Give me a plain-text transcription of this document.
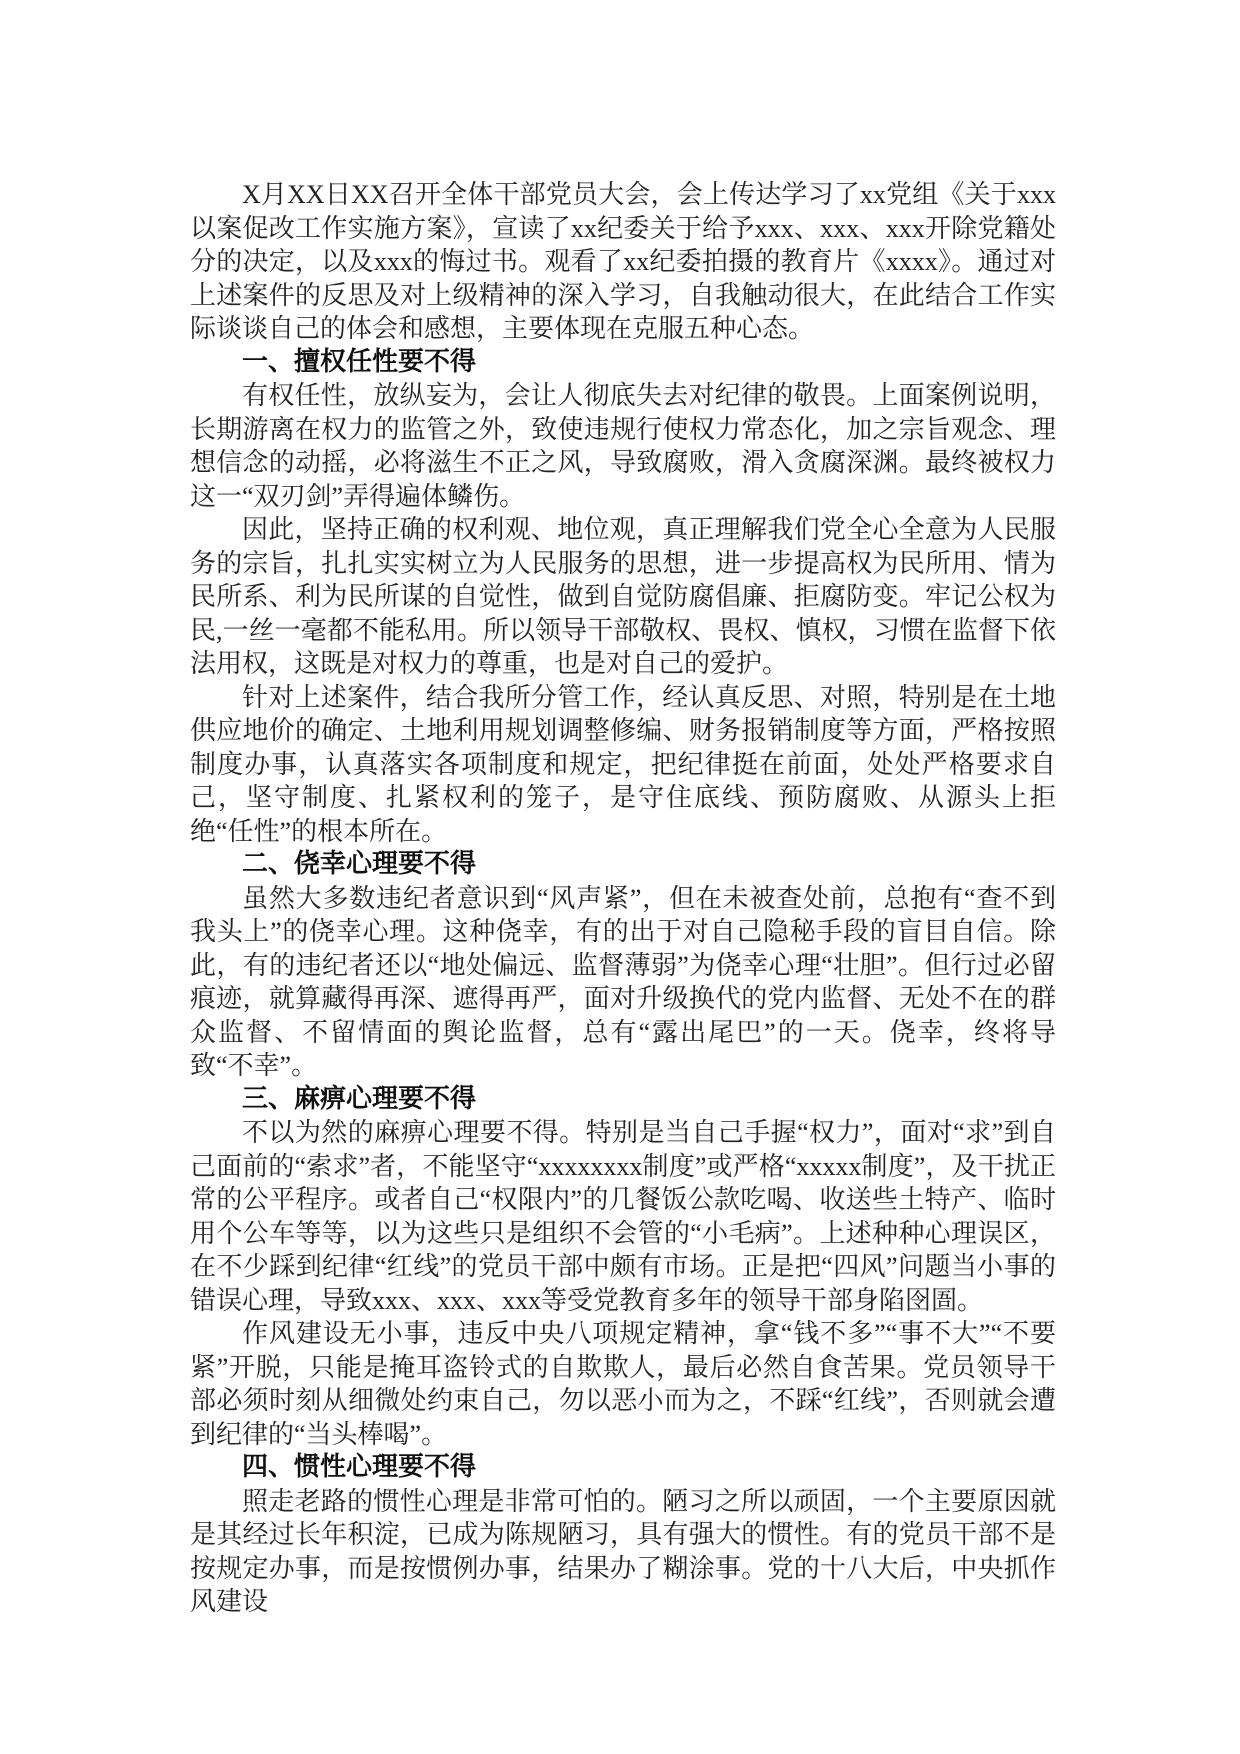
X月XX日XX召开全体干部党员大会，会上传达学习了xx党组《关于xxx以案促改工作实施方案》，宣读了xx纪委关于给予xxx、xxx、xxx开除党籍处分的决定，以及xxx的悔过书。观看了xx纪委拍摄的教育片《xxxx》。通过对上述案件的反思及对上级精神的深入学习，自我触动很大，在此结合工作实际谈谈自己的体会和感想，主要体现在克服五种心态。

一、擅权任性要不得

有权任性，放纵妄为，会让人彻底失去对纪律的敬畏。上面案例说明，长期游离在权力的监管之外，致使违规行使权力常态化，加之宗旨观念、理想信念的动摇，必将滋生不正之风，导致腐败，滑入贪腐深渊。最终被权力这一“双刃剑”弄得遍体鳞伤。

因此，坚持正确的权利观、地位观，真正理解我们党全心全意为人民服务的宗旨，扎扎实实树立为人民服务的思想，进一步提高权为民所用、情为民所系、利为民所谋的自觉性，做到自觉防腐倡廉、拒腐防变。牢记公权为民,一丝一毫都不能私用。所以领导干部敬权、畏权、慎权，习惯在监督下依法用权，这既是对权力的尊重，也是对自己的爱护。

针对上述案件，结合我所分管工作，经认真反思、对照，特别是在土地供应地价的确定、土地利用规划调整修编、财务报销制度等方面，严格按照制度办事，认真落实各项制度和规定，把纪律挺在前面，处处严格要求自己，坚守制度、扎紧权利的笼子，是守住底线、预防腐败、从源头上拒绝“任性”的根本所在。

二、侥幸心理要不得

虽然大多数违纪者意识到“风声紧”，但在未被查处前，总抱有“查不到我头上”的侥幸心理。这种侥幸，有的出于对自己隐秘手段的盲目自信。除此，有的违纪者还以“地处偏远、监督薄弱”为侥幸心理“壮胆”。但行过必留痕迹，就算藏得再深、遮得再严，面对升级换代的党内监督、无处不在的群众监督、不留情面的舆论监督，总有“露出尾巴”的一天。侥幸，终将导致“不幸”。

三、麻痹心理要不得

不以为然的麻痹心理要不得。特别是当自己手握“权力”，面对“求”到自己面前的“索求”者，不能坚守“xxxxxxxx制度”或严格“xxxxx制度”，及干扰正常的公平程序。或者自己“权限内”的几餐饭公款吃喝、收送些土特产、临时用个公车等等，以为这些只是组织不会管的“小毛病”。上述种种心理误区，在不少踩到纪律“红线”的党员干部中颇有市场。正是把“四风”问题当小事的错误心理，导致xxx、xxx、xxx等受党教育多年的领导干部身陷囹圄。

作风建设无小事，违反中央八项规定精神，拿“钱不多”“事不大”“不要紧”开脱，只能是掩耳盗铃式的自欺欺人，最后必然自食苦果。党员领导干部必须时刻从细微处约束自己，勿以恶小而为之，不踩“红线”，否则就会遭到纪律的“当头棒喝”。

四、惯性心理要不得

照走老路的惯性心理是非常可怕的。陋习之所以顽固，一个主要原因就是其经过长年积淀，已成为陈规陋习，具有强大的惯性。有的党员干部不是按规定办事，而是按惯例办事，结果办了糊涂事。党的十八大后，中央抓作风建设
